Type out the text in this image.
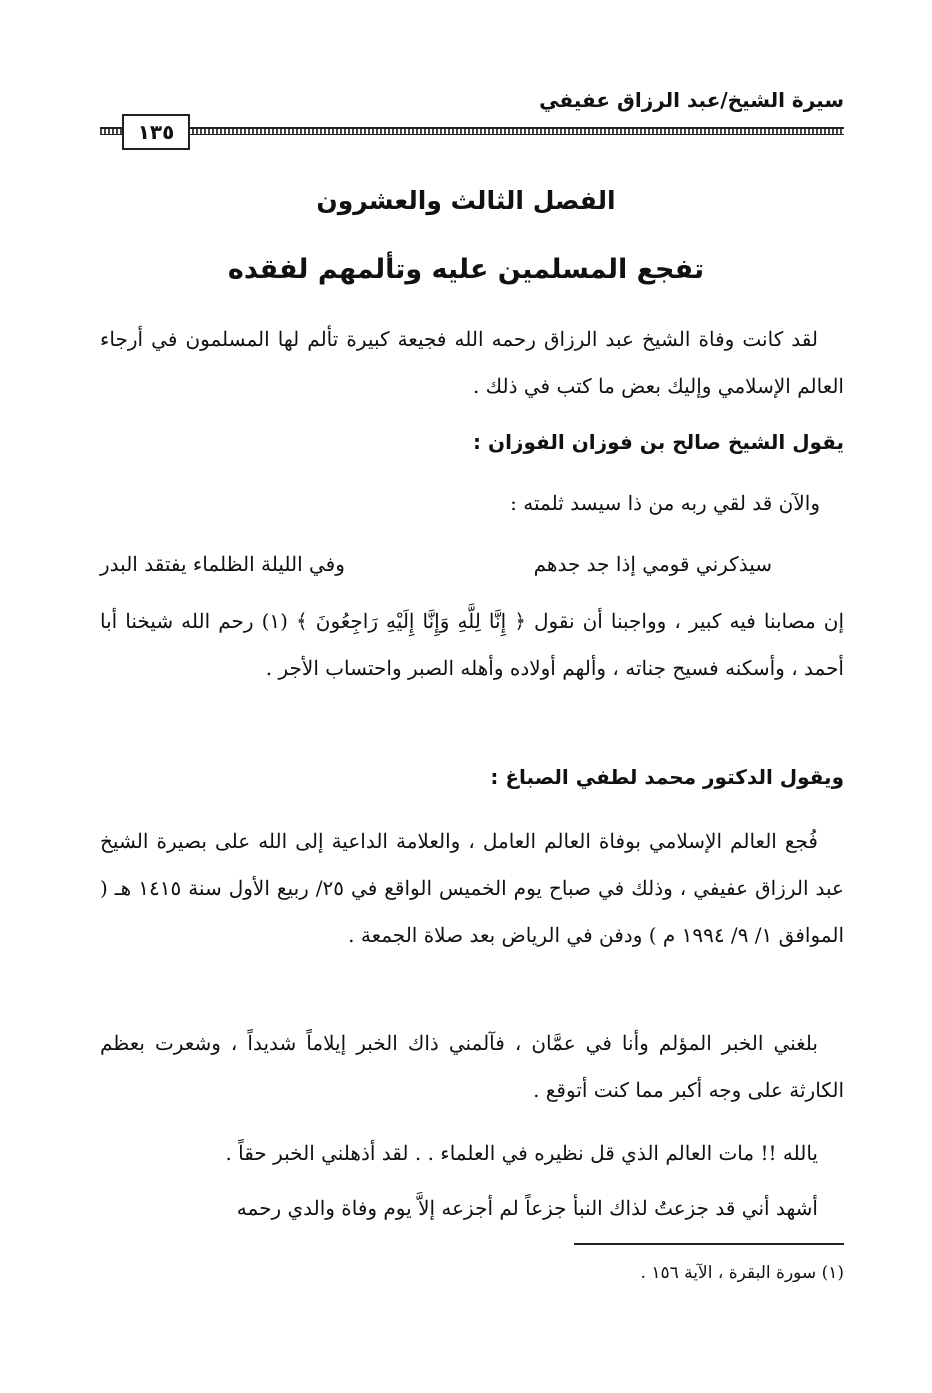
سيرة الشيخ/عبد الرزاق عفيفي
١٣٥
الفصل الثالث والعشرون
تفجع المسلمين عليه وتألمهم لفقده
لقد كانت وفاة الشيخ عبد الرزاق رحمه الله فجيعة كبيرة تألم لها المسلمون في أرجاء العالم الإسلامي وإليك بعض ما كتب في ذلك .
يقول الشيخ صالح بن فوزان الفوزان :
والآن قد لقي ربه من ذا سيسد ثلمته :
سيذكرني قومي إذا جد جدهم
وفي الليلة الظلماء يفتقد البدر
إن مصابنا فيه كبير ، وواجبنا أن نقول ﴿ إِنَّا لِلَّهِ وَإِنَّا إِلَيْهِ رَاجِعُونَ ﴾ (١) رحم الله شيخنا أبا أحمد ، وأسكنه فسيح جناته ، وألهم أولاده وأهله الصبر واحتساب الأجر .
ويقول الدكتور محمد لطفي الصباغ :
فُجع العالم الإسلامي بوفاة العالم العامل ، والعلامة الداعية إلى الله على بصيرة الشيخ عبد الرزاق عفيفي ، وذلك في صباح يوم الخميس الواقع في ٢٥/ ربيع الأول سنة ١٤١٥ هـ ( الموافق ١/ ٩/ ١٩٩٤ م ) ودفن في الرياض بعد صلاة الجمعة .
بلغني الخبر المؤلم وأنا في عمَّان ، فآلمني ذاك الخبر إيلاماً شديداً ، وشعرت بعظم الكارثة على وجه أكبر مما كنت أتوقع .
يالله !! مات العالم الذي قل نظيره في العلماء . . لقد أذهلني الخبر حقاً .
أشهد أني قد جزعتُ لذاك النبأ جزعاً لم أجزعه إلاَّ يوم وفاة والدي رحمه
(١) سورة البقرة ، الآية ١٥٦ .
